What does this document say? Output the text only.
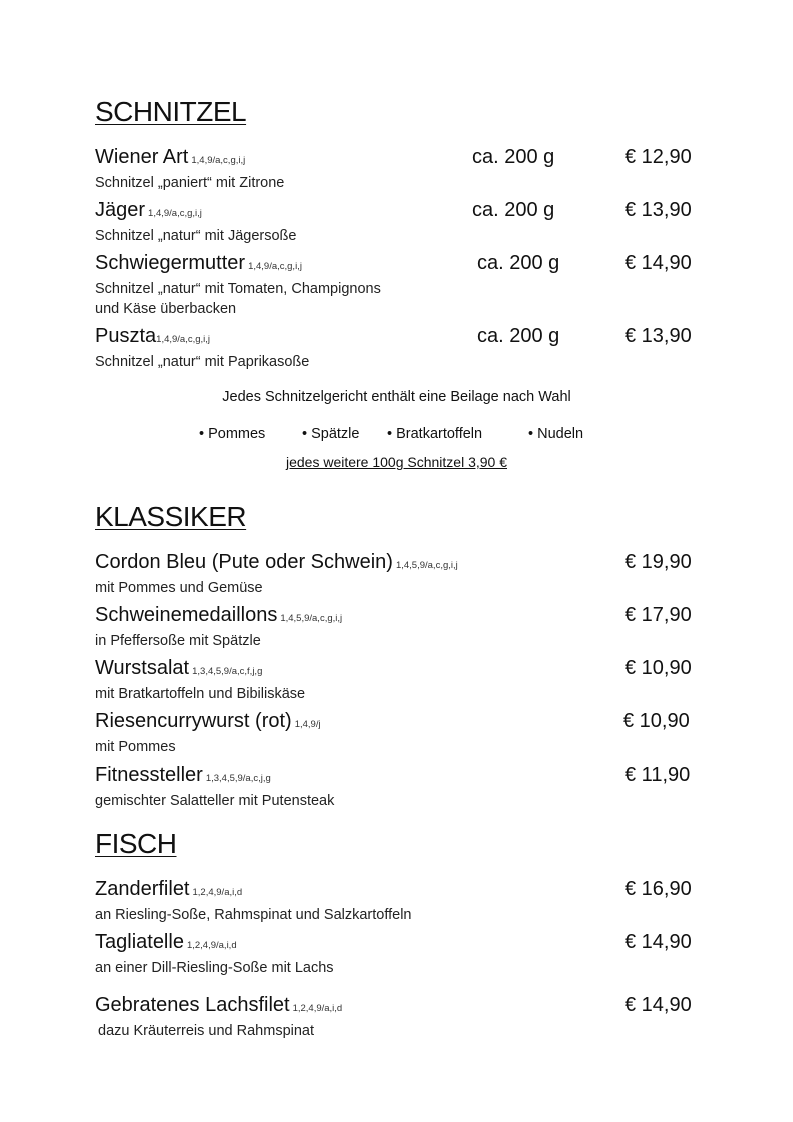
SCHNITZEL
Wiener Art 1,4,9/a,c,g,i,j
Schnitzel „paniert“ mit Zitrone
ca. 200 g	€ 12,90
Jäger 1,4,9/a,c,g,i,j
Schnitzel „natur“ mit Jägersoße
ca. 200 g	€ 13,90
Schwiegermutter 1,4,9/a,c,g,i,j
Schnitzel „natur“ mit Tomaten, Champignons
und Käse überbacken
ca. 200 g	€ 14,90
Puszta1,4,9/a,c,g,i,j
Schnitzel „natur“ mit Paprikasoße
ca. 200 g	€ 13,90
Jedes Schnitzelgericht enthält eine Beilage nach Wahl
• Pommes	• Spätzle • Bratkartoffeln	• Nudeln
jedes weitere 100g Schnitzel 3,90 €
KLASSIKER
Cordon Bleu (Pute oder Schwein) 1,4,5,9/a,c,g,i,j
mit Pommes und Gemüse
€ 19,90
Schweinemedaillons 1,4,5,9/a,c,g,i,j
in Pfeffersoße mit Spätzle
€ 17,90
Wurstsalat 1,3,4,5,9/a,c,f,j,g
mit Bratkartoffeln und Bibiliskäse
€ 10,90
Riesencurrywurst (rot) 1,4,9/j
mit Pommes
€ 10,90
Fitnessteller 1,3,4,5,9/a,c,j,g
gemischter Salatteller mit Putensteak
€ 11,90
FISCH
Zanderfilet 1,2,4,9/a,i,d
an Riesling-Soße, Rahmspinat und Salzkartoffeln
€ 16,90
Tagliatelle 1,2,4,9/a,i,d
an einer Dill-Riesling-Soße mit Lachs
€ 14,90
Gebratenes Lachsfilet 1,2,4,9/a,i,d
dazu Kräuterreis und Rahmspinat
€ 14,90
